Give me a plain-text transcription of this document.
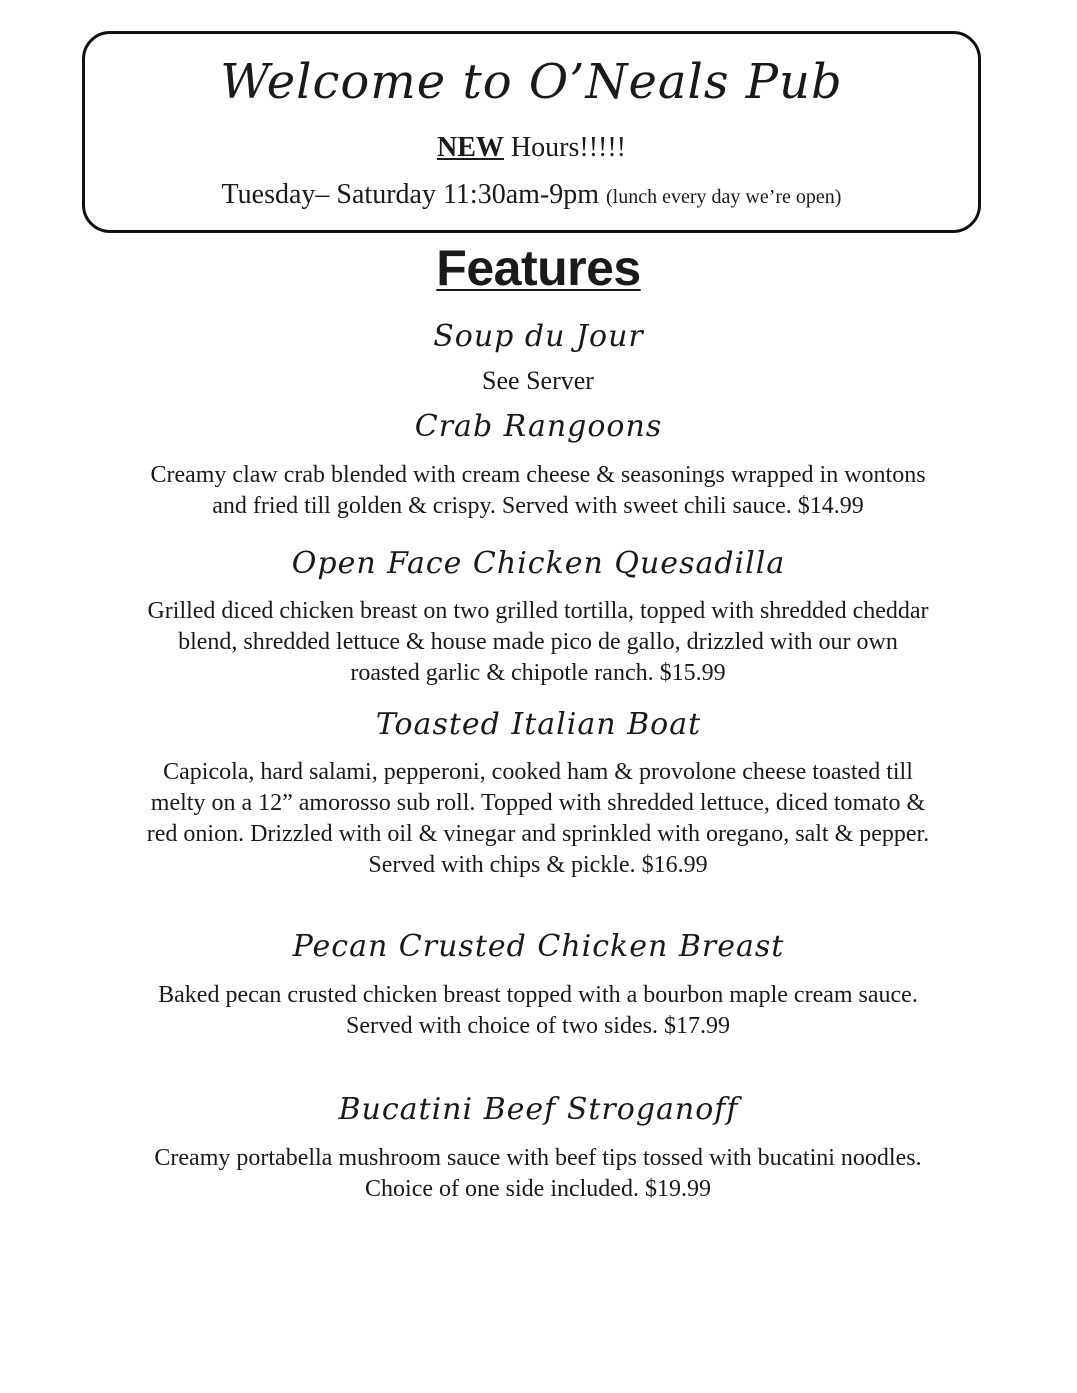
Welcome to O’Neals Pub
NEW Hours!!!!!
Tuesday– Saturday 11:30am-9pm (lunch every day we’re open)
Features
Soup du Jour

See Server

Crab Rangoons

Creamy claw crab blended with cream cheese & seasonings wrapped in wontons
and fried till golden & crispy. Served with sweet chili sauce. $14.99

Open Face Chicken Quesadilla

Grilled diced chicken breast on two grilled tortilla, topped with shredded cheddar
blend, shredded lettuce & house made pico de gallo, drizzled with our own
roasted garlic & chipotle ranch. $15.99

Toasted Italian Boat

Capicola, hard salami, pepperoni, cooked ham & provolone cheese toasted till
melty on a 12” amorosso sub roll. Topped with shredded lettuce, diced tomato &
red onion. Drizzled with oil & vinegar and sprinkled with oregano, salt & pepper.
Served with chips & pickle. $16.99

Pecan Crusted Chicken Breast

Baked pecan crusted chicken breast topped with a bourbon maple cream sauce.
Served with choice of two sides. $17.99

Bucatini Beef Stroganoff

Creamy portabella mushroom sauce with beef tips tossed with bucatini noodles.
Choice of one side included. $19.99
